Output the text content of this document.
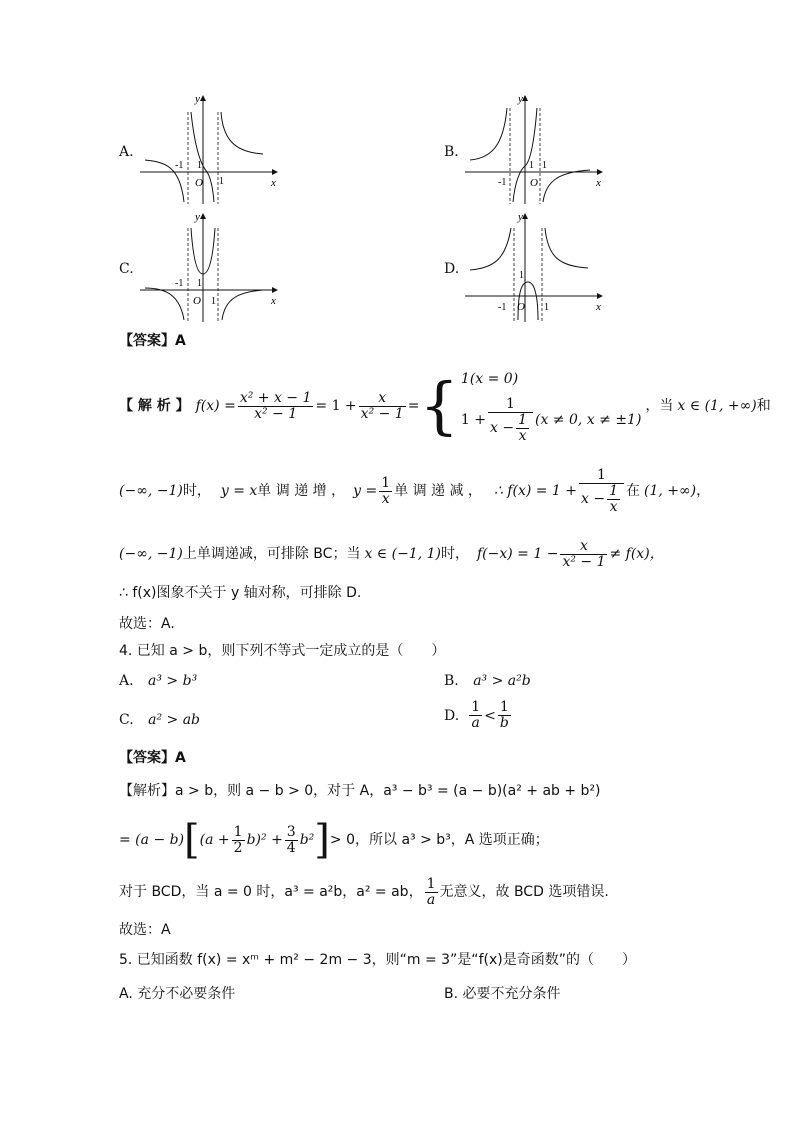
A.	B.
C.	D.
y
x
O
-1 1
1
y
x
O
-1
1 1
y
x
O
-1 1
1
y
x
O
-1
1
1
【答案】A
【 解 析 】 $f(x) = \frac{\text{x² + x − 1}}{\text{x² − 1}} = 1 + \frac{x}{\text{x² − 1}}$ = { 1(x = 0)
$1 + \frac{1}{x - \frac{1}{x}} (x \ne 0$, x ≠ ±1)
，当 x ∈ (1, +∞) 和
(−∞, −1) 时， y = x 单 调 递 增 ， $y = \frac{1}{x}$ 单 调 递 减 ， ∴ $f(x) = 1 + \frac{1}{x - \frac{1}{x}}$ 在 (1, +∞) ，
(−∞, −1) 上单调递减，可排除 BC；当 x ∈ (−1, 1) 时， $f(-x) = 1 - \frac{x}{\text{x² − 1}} \ne f(x)$，
∴ f(x)图象不关于 y 轴对称，可排除 D.
故选：A.
4. 已知 a > b，则下列不等式一定成立的是（　　）
A. a³ > b³	B. a³ > a²b
C. a² > ab	D. $\frac{1}{a} < \frac{1}{b}$
【答案】A
【解析】a > b，则 a − b > 0，对于 A，a³ − b³ = (a − b)(a² + ab + b²)
= (a − b) [ $(a + \frac{1}{2} b)^2 + \frac{3}{4} b^2$ ] > 0，所以 a³ > b³，A 选项正确；
对于 BCD，当 a = 0 时，a³ = a²b，a² = ab， $\frac{1}{a}$ 无意义，故 BCD 选项错误.
故选：A
5. 已知函数 f(x) = xᵐ + m² − 2m − 3，则“m = 3”是“f(x)是奇函数”的（　　）
A. 充分不必要条件	B. 必要不充分条件
